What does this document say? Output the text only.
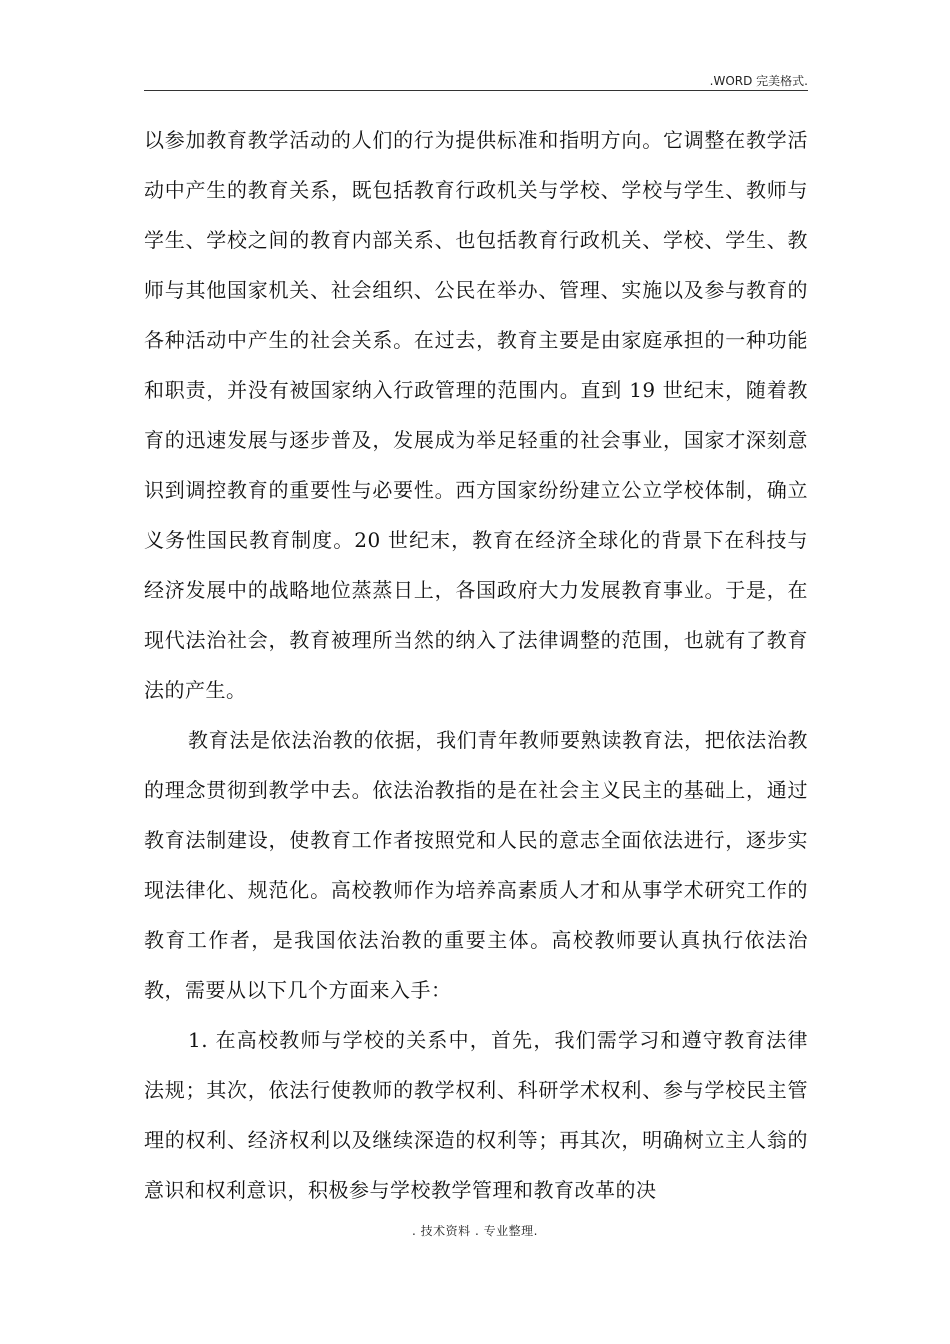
.WORD 完美格式.

以参加教育教学活动的人们的行为提供标准和指明方向。它调整在教学活动中产生的教育关系，既包括教育行政机关与学校、学校与学生、教师与学生、学校之间的教育内部关系、也包括教育行政机关、学校、学生、教师与其他国家机关、社会组织、公民在举办、管理、实施以及参与教育的各种活动中产生的社会关系。在过去，教育主要是由家庭承担的一种功能和职责，并没有被国家纳入行政管理的范围内。直到 19 世纪末，随着教育的迅速发展与逐步普及，发展成为举足轻重的社会事业，国家才深刻意识到调控教育的重要性与必要性。西方国家纷纷建立公立学校体制，确立义务性国民教育制度。20 世纪末，教育在经济全球化的背景下在科技与经济发展中的战略地位蒸蒸日上，各国政府大力发展教育事业。于是，在现代法治社会，教育被理所当然的纳入了法律调整的范围，也就有了教育法的产生。

教育法是依法治教的依据，我们青年教师要熟读教育法，把依法治教的理念贯彻到教学中去。依法治教指的是在社会主义民主的基础上，通过教育法制建设，使教育工作者按照党和人民的意志全面依法进行，逐步实现法律化、规范化。高校教师作为培养高素质人才和从事学术研究工作的教育工作者，是我国依法治教的重要主体。高校教师要认真执行依法治教，需要从以下几个方面来入手：

1. 在高校教师与学校的关系中，首先，我们需学习和遵守教育法律法规；其次，依法行使教师的教学权利、科研学术权利、参与学校民主管理的权利、经济权利以及继续深造的权利等；再其次，明确树立主人翁的意识和权利意识，积极参与学校教学管理和教育改革的决

. 技术资料 . 专业整理.
